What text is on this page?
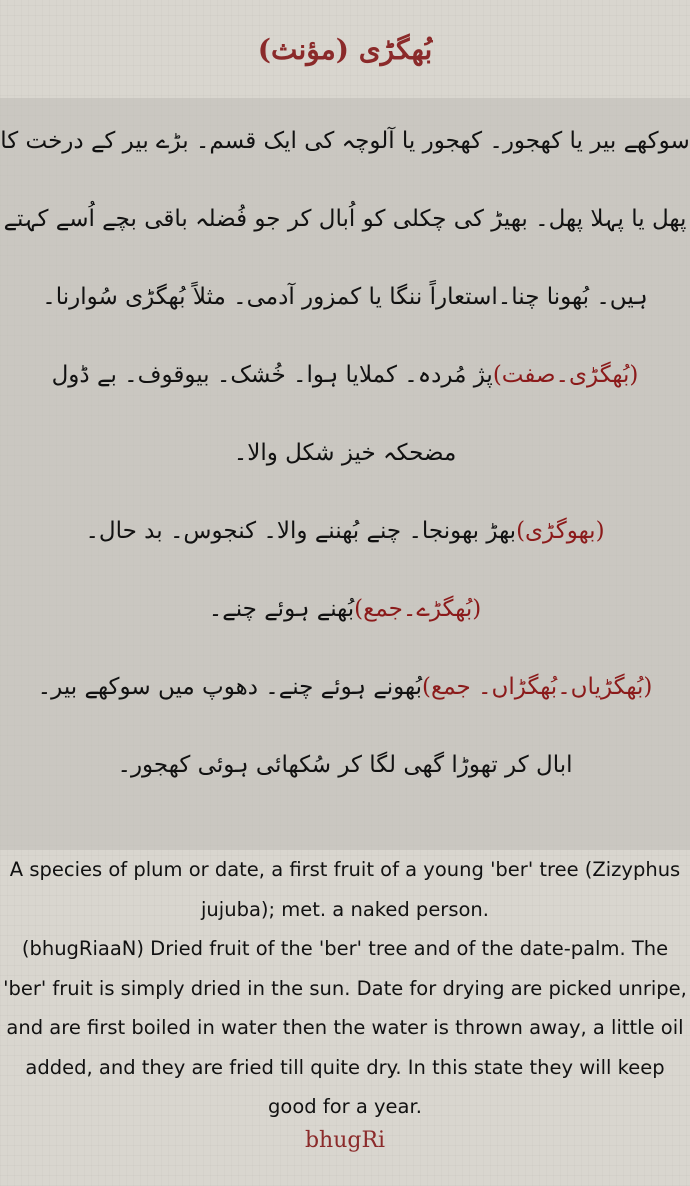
بُھگڑی (مؤنث)
سوکھے بیر یا کھجور۔ کھجور یا آلوچہ کی ایک قسم۔ بڑے بیر کے درخت کا
پھل یا پہلا پھل۔ بھیڑ کی چکلی کو اُبال کر جو فُضلہ باقی بچے اُسے کہتے
ہیں۔ بُھونا چنا۔استعاراً ننگا یا کمزور آدمی۔ مثلاً بُھگڑی سُوارنا۔
(بُھگڑی۔صفت)
پژ مُردہ۔ کملایا ہوا۔ خُشک۔ بیوقوف۔ بے ڈول
مضحکہ خیز شکل والا۔
(بھوگڑی)
بھڑ بھونجا۔ چنے بُھننے والا۔ کنجوس۔ بد حال۔
(بُھگڑے۔جمع)
بُھنے ہوئے چنے۔
(بُھگڑیاں۔بُھگڑاں۔ جمع)
بُھونے ہوئے چنے۔ دھوپ میں سوکھے بیر۔
ابال کر تھوڑا گھی لگا کر سُکھائی ہوئی کھجور۔

A species of plum or date, a first fruit of a young 'ber' tree (Zizyphus jujuba); met. a naked person.

(bhugRiaaN) Dried fruit of the 'ber' tree and of the date-palm. The 'ber' fruit is simply dried in the sun. Date for drying are picked unripe, and are first boiled in water then the water is thrown away, a little oil added, and they are fried till quite dry. In this state they will keep good for a year.

bhugRi
